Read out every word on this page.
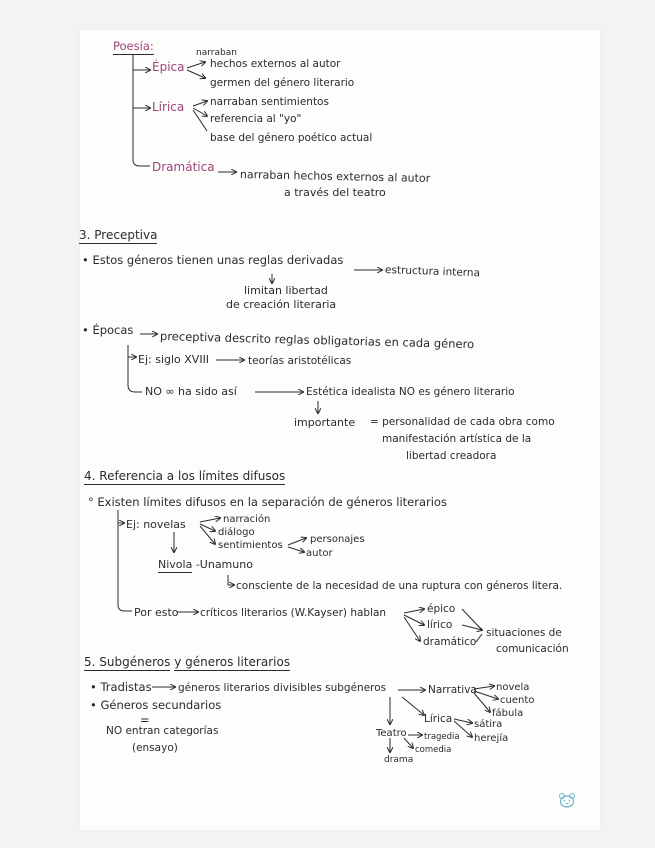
Poesía:
Épica
narraban
hechos externos al autor
germen del género literario
Lírica narraban sentimientos
referencia al "yo"
base del género poético actual
Dramática
narraban hechos externos al autor
a través del teatro
3. Preceptiva
• Estos géneros tienen unas reglas derivadas
estructura interna
limitan libertad
de creación literaria
• Épocas preceptiva descrito reglas obligatorias en cada género
Ej: siglo XVIII	teorías aristotélicas
NO ∞ ha sido así	Estética idealista NO es género literario
importante = personalidad de cada obra como
manifestación artística de la
libertad creadora
4. Referencia a los límites difusos
° Existen límites difusos en la separación de géneros literarios
Ej: novelas	narración
diálogo
sentimientos
personajes
autor
Nivola -Unamuno
consciente de la necesidad de una ruptura con géneros litera.
Por esto críticos literarios (W.Kayser) hablan	épico
lírico
dramático
situaciones de
comunicación
5. Subgéneros y géneros literarios
• Tradistas	géneros literarios divisibles subgéneros	Narrativa novela
cuento
fábula
• Géneros secundarios
=
NO entran categorías
(ensayo)
Lírica sátira
herejía
Teatro tragedia
comedia
drama
